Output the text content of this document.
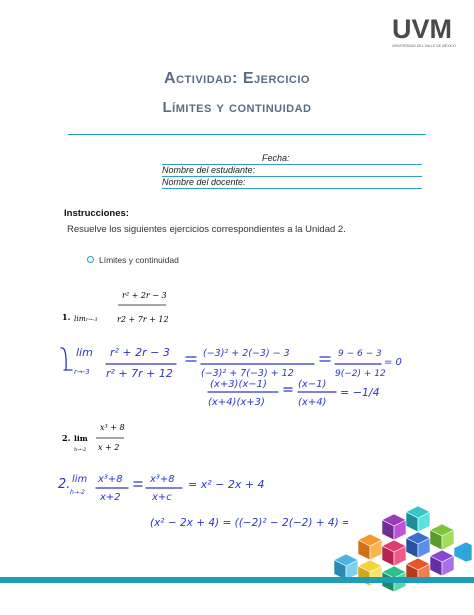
UVM
UNIVERSIDAD DEL VALLE DE MÉXICO
Actividad: Ejercicio
Límites y continuidad
Fecha:
Nombre del estudiante:
Nombre del docente:
Instrucciones:
Resuelve los siguientes ejercicios correspondientes a la Unidad 2.
Límites y continuidad
1. lim r→-3
r² + 2r − 3
r2 + 7r + 12
lim
r→-3
r² + 2r − 3
r² + 7r + 12
(−3)² + 2(−3) − 3
(−3)² + 7(−3) + 12
9 − 6 − 3
9(−2) + 12
= 0
(x+3)(x−1)
(x+4)(x+3)
(x−1)
(x+4)
= −1/4
2. lim
h→-2
x³ + 8
x + 2
2. lim
h→-2
x³+8
x+2
x³+8
x+c
= x² − 2x + 4
(x² − 2x + 4) = ((−2)² − 2(−2) + 4) = 12
